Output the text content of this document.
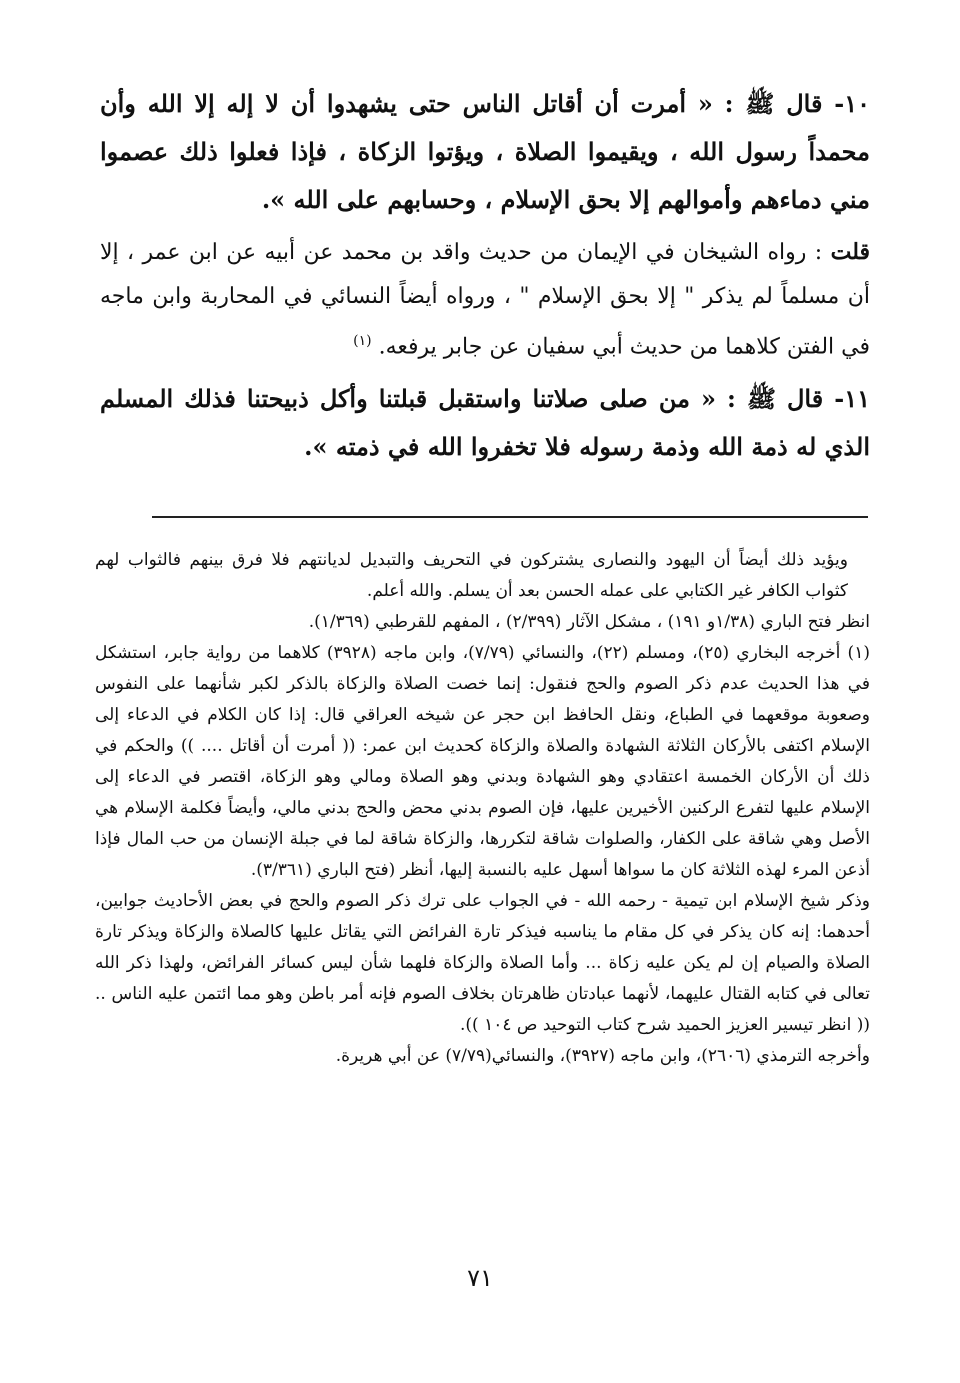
١٠- قال ﷺ : « أمرت أن أقاتل الناس حتى يشهدوا أن لا إله إلا الله وأن محمداً رسول الله ، ويقيموا الصلاة ، ويؤتوا الزكاة ، فإذا فعلوا ذلك عصموا مني دماءهم وأموالهم إلا بحق الإسلام ، وحسابهم على الله ».

قلت : رواه الشيخان في الإيمان من حديث واقد بن محمد عن أبيه عن ابن عمر ، إلا أن مسلماً لم يذكر " إلا بحق الإسلام " ، ورواه أيضاً النسائي في المحاربة وابن ماجه في الفتن كلاهما من حديث أبي سفيان عن جابر يرفعه. $^{(١)}$

١١- قال ﷺ : « من صلى صلاتنا واستقبل قبلتنا وأكل ذبيحتنا فذلك المسلم الذي له ذمة الله وذمة رسوله فلا تخفروا الله في ذمته ».

ويؤيد ذلك أيضاً أن اليهود والنصارى يشتركون في التحريف والتبديل لديانتهم فلا فرق بينهم فالثواب لهم كثواب الكافر غير الكتابي على عمله الحسن بعد أن يسلم. والله أعلم.

انظر فتح الباري (١/٣٨و ١٩١) ، مشكل الآثار (٢/٣٩٩) ، المفهم للقرطبي (١/٣٦٩).

(١) أخرجه البخاري (٢٥)، ومسلم (٢٢)، والنسائي (٧/٧٩)، وابن ماجه (٣٩٢٨) كلاهما من رواية جابر، استشكل في هذا الحديث عدم ذكر الصوم والحج فنقول: إنما خصت الصلاة والزكاة بالذكر لكبر شأنهما على النفوس وصعوبة موقعهما في الطباع، ونقل الحافظ ابن حجر عن شيخه العراقي قال: إذا كان الكلام في الدعاء إلى الإسلام اكتفى بالأركان الثلاثة الشهادة والصلاة والزكاة كحديث ابن عمر: (( أمرت أن أقاتل .... )) والحكم في ذلك أن الأركان الخمسة اعتقادي وهو الشهادة وبدني وهو الصلاة ومالي وهو الزكاة، اقتصر في الدعاء إلى الإسلام عليها لتفرع الركنين الأخيرين عليها، فإن الصوم بدني محض والحج بدني مالي، وأيضاً فكلمة الإسلام هي الأصل وهي شاقة على الكفار، والصلوات شاقة لتكررها، والزكاة شاقة لما في جبلة الإنسان من حب المال فإذا أذعن المرء لهذه الثلاثة كان ما سواها أسهل عليه بالنسبة إليها، أنظر (فتح الباري (٣/٣٦١).

وذكر شيخ الإسلام ابن تيمية - رحمه الله - في الجواب على ترك ذكر الصوم والحج في بعض الأحاديث جوابين، أحدهما: إنه كان يذكر في كل مقام ما يناسبه فيذكر تارة الفرائض التي يقاتل عليها كالصلاة والزكاة ويذكر تارة الصلاة والصيام إن لم يكن عليه زكاة ... وأما الصلاة والزكاة فلهما شأن ليس كسائر الفرائض، ولهذا ذكر الله تعالى في كتابه القتال عليهما، لأنهما عبادتان ظاهرتان بخلاف الصوم فإنه أمر باطن وهو مما ائتمن عليه الناس .. (( انظر تيسير العزيز الحميد شرح كتاب التوحيد ص ١٠٤ )).

وأخرجه الترمذي (٢٦٠٦)، وابن ماجه (٣٩٢٧)، والنسائي(٧/٧٩) عن أبي هريرة.

٧١
